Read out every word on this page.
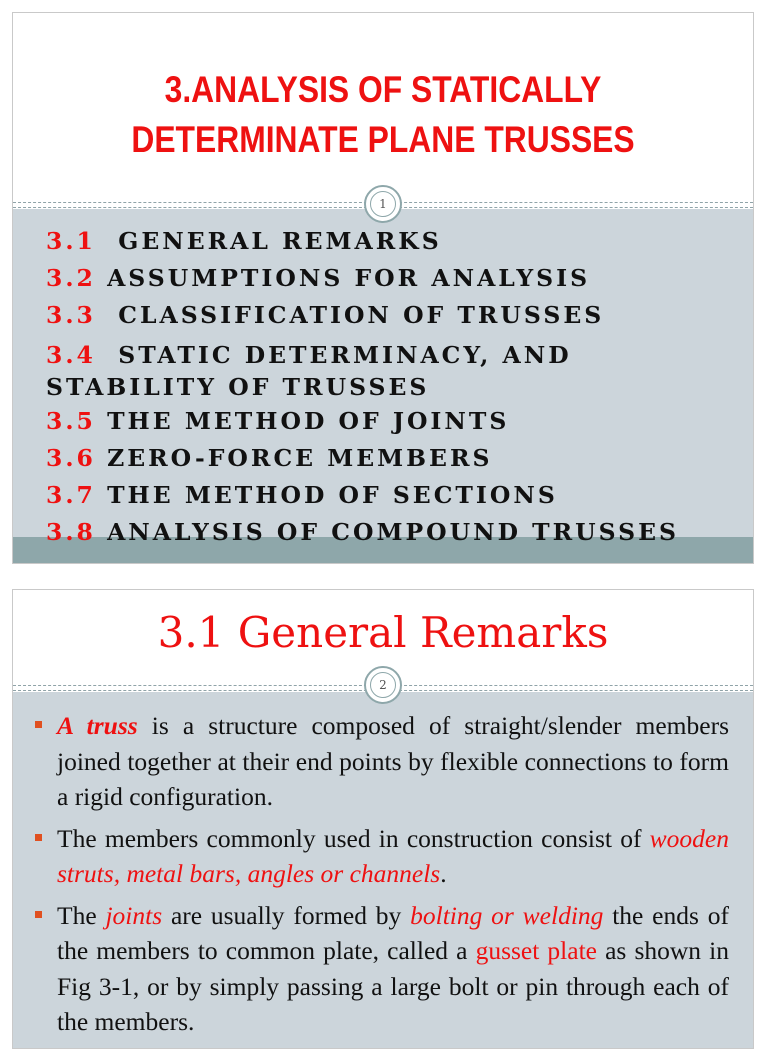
3.ANALYSIS OF STATICALLY
DETERMINATE PLANE TRUSSES
1
3.1  GENERAL REMARKS
3.2 ASSUMPTIONS FOR ANALYSIS
3.3  CLASSIFICATION OF TRUSSES
3.4  STATIC DETERMINACY, AND
STABILITY OF TRUSSES
3.5 THE METHOD OF JOINTS
3.6 ZERO-FORCE MEMBERS
3.7 THE METHOD OF SECTIONS
3.8 ANALYSIS OF COMPOUND TRUSSES
3.1 General Remarks
2
A truss is a structure composed of straight/slender members joined together at their end points by flexible connections to form a rigid configuration.
The members commonly used in construction consist of wooden struts, metal bars, angles or channels.
The joints are usually formed by bolting or welding the ends of the members to common plate, called a gusset plate as shown in Fig 3-1, or by simply passing a large bolt or pin through each of the members.
